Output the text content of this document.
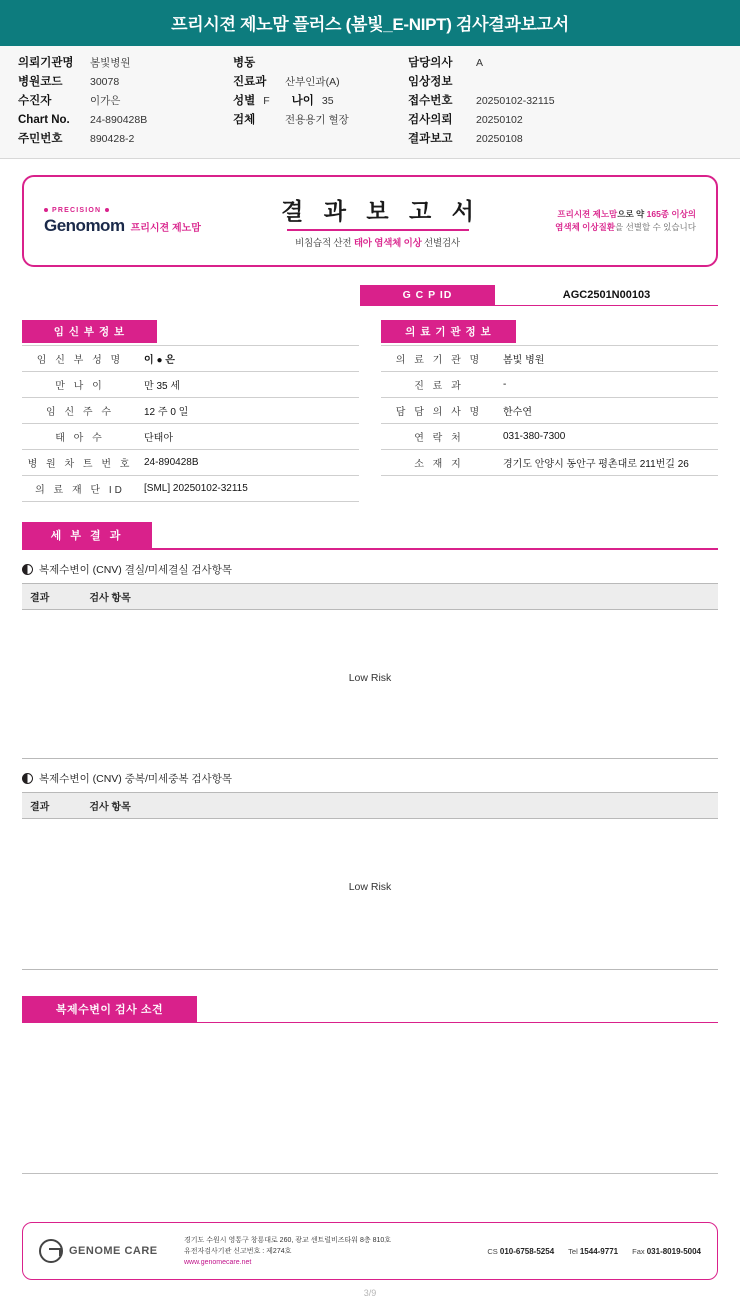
프리시젼 제노맘 플러스 (봄빛_E-NIPT) 검사결과보고서
의뢰기관명	봄빛병원
병원코드	30078
수진자	이가은
Chart No.	24-890428B
주민번호	890428-2
병동
진료과	산부인과(A)
성별 F 나이 35
검체	전용용기 혈장
담당의사	A
임상정보
접수번호	20250102-32115
검사의뢰	20250102
결과보고	20250108
PRECISION
Genomom 프리시젼 제노맘
결 과 보 고 서
비침습적 산전 태아 염색체 이상 선별검사
프리시젼 제노맘으로 약 165종 이상의
염색체 이상질환을 선별할 수 있습니다
G C P ID	AGC2501N00103
임 신 부 정 보
임 신 부 성 명	이 ● 은
만 나 이	만 35 세
임 신 주 수	12 주 0 일
태 아 수	단태아
병 원 차 트 번 호	24-890428B
의 료 재 단 ID	[SML] 20250102-32115
의 료 기 관 정 보
의 료 기 관 명	봄빛 병원
진 료 과	-
담 담 의 사 명	한수연
연 락 처	031-380-7300
소 재 지	경기도 안양시 동안구 평촌대로 211번길 26
세 부 결 과
복제수변이 (CNV) 결실/미세결실 검사항목
결과	검사 항목
Low Risk
복제수변이 (CNV) 중복/미세중복 검사항목
결과	검사 항목
Low Risk
복제수변이 검사 소견
GENOME CARE
경기도 수원시 영통구 창룡대로 260, 광교 센트럴비즈타워 8층 810호
유전자검사기관 신고번호 : 제274호
www.genomecare.net
CS 010-6758-5254 Tel 1544-9771 Fax 031-8019-5004
3/9
